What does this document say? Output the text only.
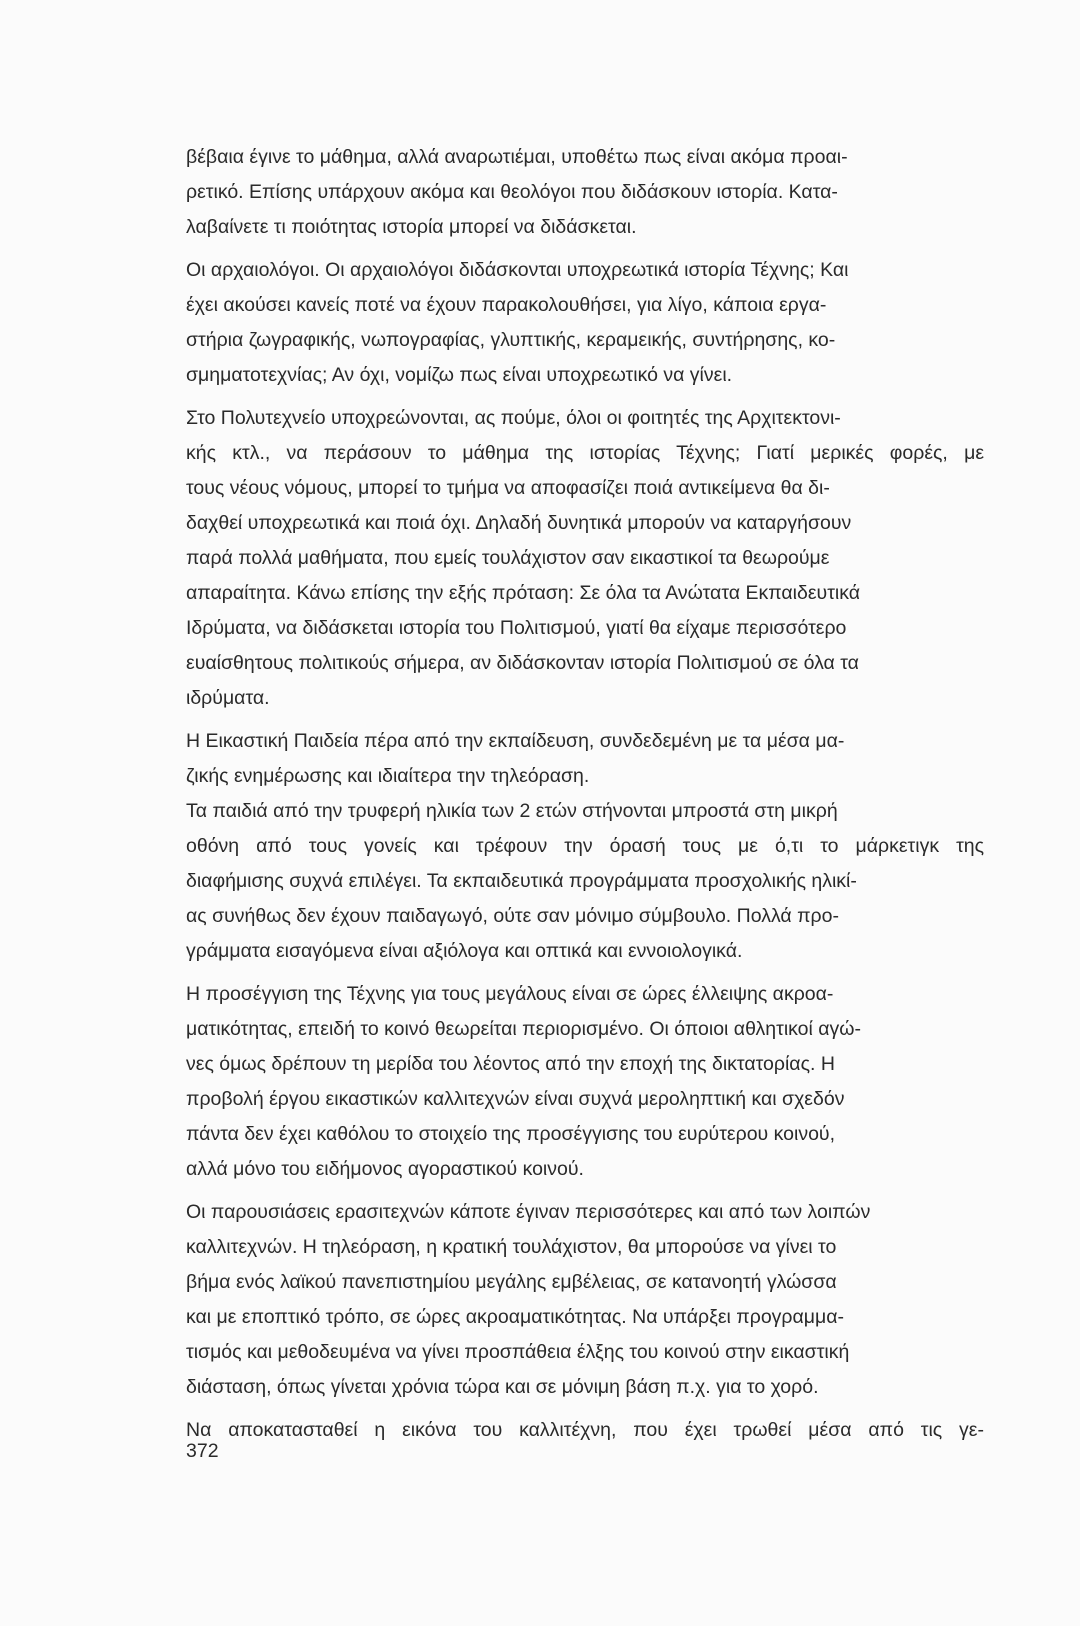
βέβαια έγινε το μάθημα, αλλά αναρωτιέμαι, υποθέτω πως είναι ακόμα προαι-
ρετικό. Επίσης υπάρχουν ακόμα και θεολόγοι που διδάσκουν ιστορία. Κατα-
λαβαίνετε τι ποιότητας ιστορία μπορεί να διδάσκεται.
Οι αρχαιολόγοι. Οι αρχαιολόγοι διδάσκονται υποχρεωτικά ιστορία Τέχνης; Και
έχει ακούσει κανείς ποτέ να έχουν παρακολουθήσει, για λίγο, κάποια εργα-
στήρια ζωγραφικής, νωπογραφίας, γλυπτικής, κεραμεικής, συντήρησης, κο-
σμηματοτεχνίας; Αν όχι, νομίζω πως είναι υποχρεωτικό να γίνει.
Στο Πολυτεχνείο υποχρεώνονται, ας πούμε, όλοι οι φοιτητές της Αρχιτεκτονι-
κής κτλ., να περάσουν το μάθημα της ιστορίας Τέχνης; Γιατί μερικές φορές, με
τους νέους νόμους, μπορεί το τμήμα να αποφασίζει ποιά αντικείμενα θα δι-
δαχθεί υποχρεωτικά και ποιά όχι. Δηλαδή δυνητικά μπορούν να καταργήσουν
παρά πολλά μαθήματα, που εμείς τουλάχιστον σαν εικαστικοί τα θεωρούμε
απαραίτητα. Κάνω επίσης την εξής πρόταση: Σε όλα τα Ανώτατα Εκπαιδευτικά
Ιδρύματα, να διδάσκεται ιστορία του Πολιτισμού, γιατί θα είχαμε περισσότερο
ευαίσθητους πολιτικούς σήμερα, αν διδάσκονταν ιστορία Πολιτισμού σε όλα τα
ιδρύματα.
Η Εικαστική Παιδεία πέρα από την εκπαίδευση, συνδεδεμένη με τα μέσα μα-
ζικής ενημέρωσης και ιδιαίτερα την τηλεόραση.
Τα παιδιά από την τρυφερή ηλικία των 2 ετών στήνονται μπροστά στη μικρή
οθόνη από τους γονείς και τρέφουν την όρασή τους με ό,τι το μάρκετιγκ της
διαφήμισης συχνά επιλέγει. Τα εκπαιδευτικά προγράμματα προσχολικής ηλικί-
ας συνήθως δεν έχουν παιδαγωγό, ούτε σαν μόνιμο σύμβουλο. Πολλά προ-
γράμματα εισαγόμενα είναι αξιόλογα και οπτικά και εννοιολογικά.
Η προσέγγιση της Τέχνης για τους μεγάλους είναι σε ώρες έλλειψης ακροα-
ματικότητας, επειδή το κοινό θεωρείται περιορισμένο. Οι όποιοι αθλητικοί αγώ-
νες όμως δρέπουν τη μερίδα του λέοντος από την εποχή της δικτατορίας. Η
προβολή έργου εικαστικών καλλιτεχνών είναι συχνά μεροληπτική και σχεδόν
πάντα δεν έχει καθόλου το στοιχείο της προσέγγισης του ευρύτερου κοινού,
αλλά μόνο του ειδήμονος αγοραστικού κοινού.
Οι παρουσιάσεις ερασιτεχνών κάποτε έγιναν περισσότερες και από των λοιπών
καλλιτεχνών. Η τηλεόραση, η κρατική τουλάχιστον, θα μπορούσε να γίνει το
βήμα ενός λαϊκού πανεπιστημίου μεγάλης εμβέλειας, σε κατανοητή γλώσσα
και με εποπτικό τρόπο, σε ώρες ακροαματικότητας. Να υπάρξει προγραμμα-
τισμός και μεθοδευμένα να γίνει προσπάθεια έλξης του κοινού στην εικαστική
διάσταση, όπως γίνεται χρόνια τώρα και σε μόνιμη βάση π.χ. για το χορό.
Να αποκατασταθεί η εικόνα του καλλιτέχνη, που έχει τρωθεί μέσα από τις γε-
372
